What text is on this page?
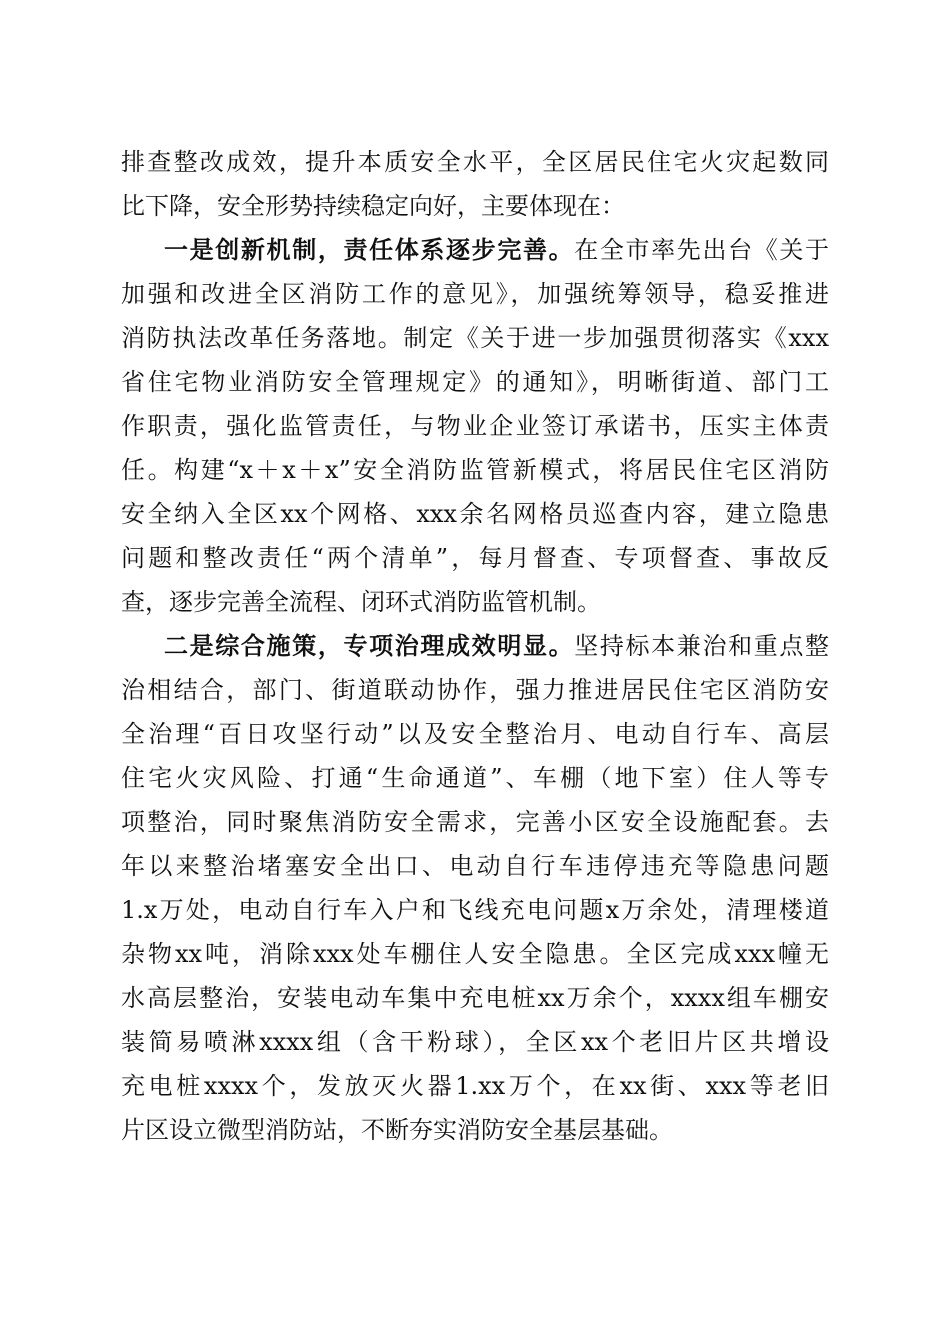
排查整改成效，提升本质安全水平，全区居民住宅火灾起数同
比下降，安全形势持续稳定向好，主要体现在：
一是创新机制，责任体系逐步完善。在全市率先出台《关于
加强和改进全区消防工作的意见》，加强统筹领导，稳妥推进
消防执法改革任务落地。制定《关于进一步加强贯彻落实《xxx
省住宅物业消防安全管理规定》的通知》，明晰街道、部门工
作职责，强化监管责任，与物业企业签订承诺书，压实主体责
任。构建“x＋x＋x”安全消防监管新模式，将居民住宅区消防
安全纳入全区xx个网格、xxx余名网格员巡查内容，建立隐患
问题和整改责任“两个清单”，每月督查、专项督查、事故反
查，逐步完善全流程、闭环式消防监管机制。
二是综合施策，专项治理成效明显。坚持标本兼治和重点整
治相结合，部门、街道联动协作，强力推进居民住宅区消防安
全治理“百日攻坚行动”以及安全整治月、电动自行车、高层
住宅火灾风险、打通“生命通道”、车棚（地下室）住人等专
项整治，同时聚焦消防安全需求，完善小区安全设施配套。去
年以来整治堵塞安全出口、电动自行车违停违充等隐患问题
1.x万处，电动自行车入户和飞线充电问题x万余处，清理楼道
杂物xx吨，消除xxx处车棚住人安全隐患。全区完成xxx幢无
水高层整治，安装电动车集中充电桩xx万余个，xxxx组车棚安
装简易喷淋xxxx组（含干粉球），全区xx个老旧片区共增设
充电桩xxxx个，发放灭火器1.xx万个，在xx街、xxx等老旧
片区设立微型消防站，不断夯实消防安全基层基础。
